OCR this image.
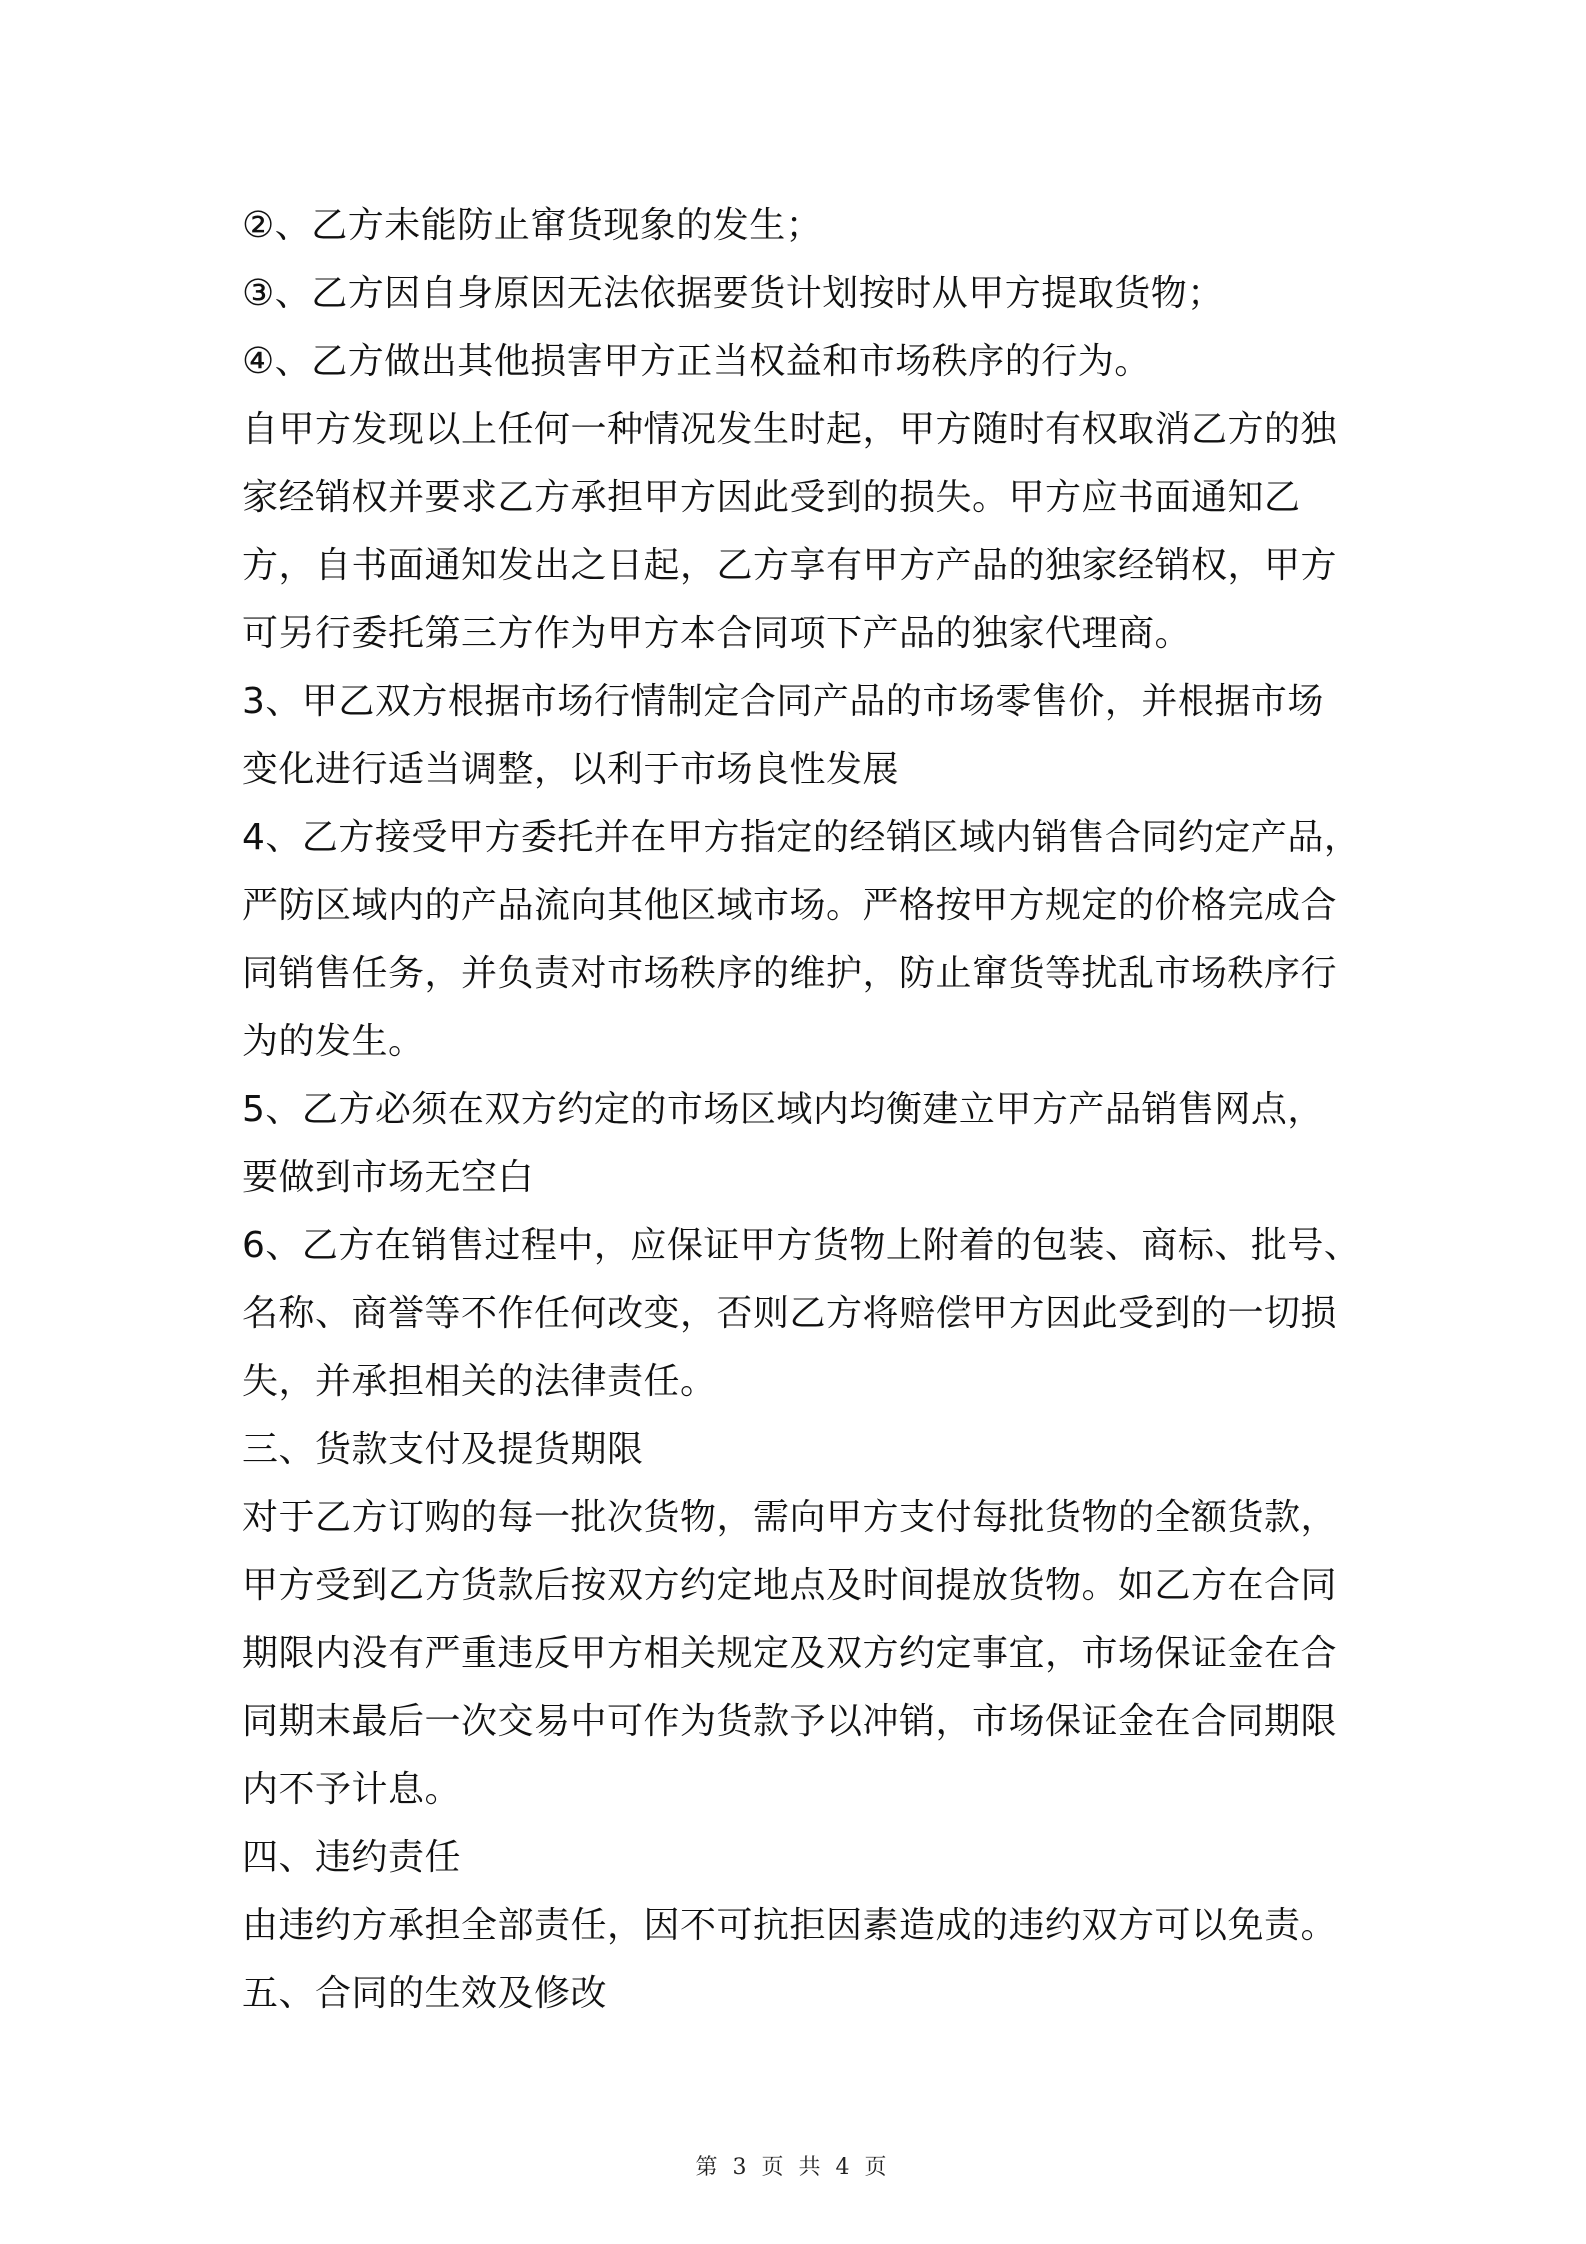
②、乙方未能防止窜货现象的发生；

③、乙方因自身原因无法依据要货计划按时从甲方提取货物；

④、乙方做出其他损害甲方正当权益和市场秩序的行为。

自甲方发现以上任何一种情况发生时起，甲方随时有权取消乙方的独
家经销权并要求乙方承担甲方因此受到的损失。甲方应书面通知乙
方，自书面通知发出之日起，乙方享有甲方产品的独家经销权，甲方
可另行委托第三方作为甲方本合同项下产品的独家代理商。

3、甲乙双方根据市场行情制定合同产品的市场零售价，并根据市场
变化进行适当调整，以利于市场良性发展

4、乙方接受甲方委托并在甲方指定的经销区域内销售合同约定产品，
严防区域内的产品流向其他区域市场。严格按甲方规定的价格完成合
同销售任务，并负责对市场秩序的维护，防止窜货等扰乱市场秩序行
为的发生。

5、乙方必须在双方约定的市场区域内均衡建立甲方产品销售网点，
要做到市场无空白

6、乙方在销售过程中，应保证甲方货物上附着的包装、商标、批号、
名称、商誉等不作任何改变，否则乙方将赔偿甲方因此受到的一切损
失，并承担相关的法律责任。

三、货款支付及提货期限

对于乙方订购的每一批次货物，需向甲方支付每批货物的全额货款，
甲方受到乙方货款后按双方约定地点及时间提放货物。如乙方在合同
期限内没有严重违反甲方相关规定及双方约定事宜，市场保证金在合
同期末最后一次交易中可作为货款予以冲销，市场保证金在合同期限
内不予计息。

四、违约责任

由违约方承担全部责任，因不可抗拒因素造成的违约双方可以免责。

五、合同的生效及修改

第 3 页 共 4 页
